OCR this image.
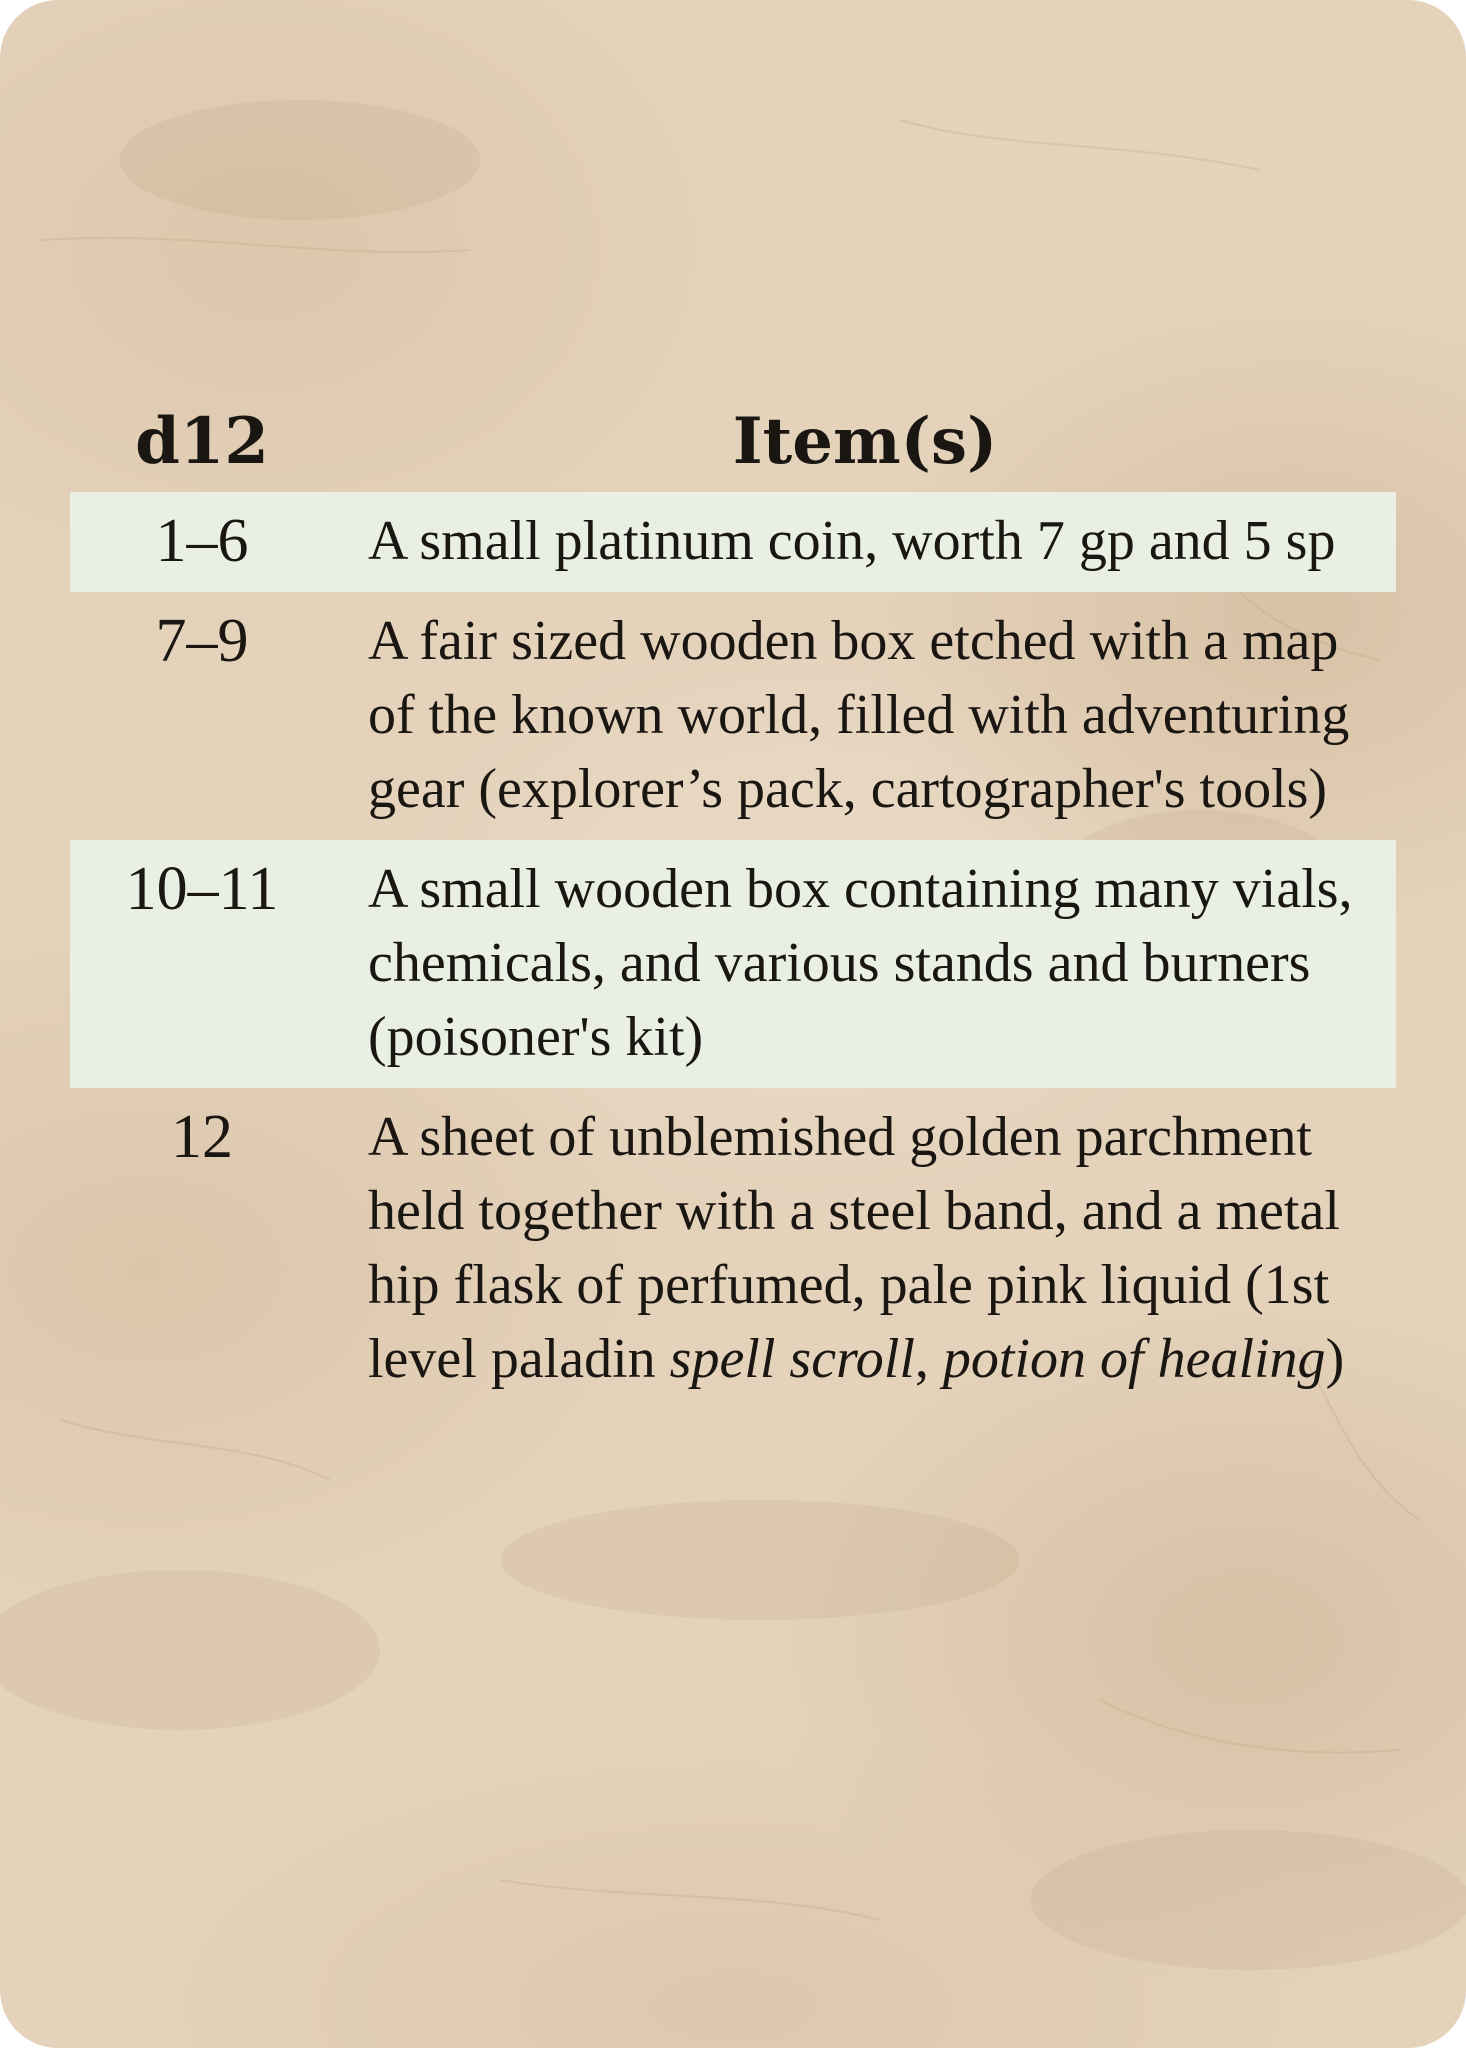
d12	Item(s)
1–6	A small platinum coin, worth 7 gp and 5 sp
7–9	A fair sized wooden box etched with a map of the known world, filled with adventuring gear (explorer’s pack, cartographer's tools)
10–11	A small wooden box containing many vials, chemicals, and various stands and burners (poisoner's kit)
12	A sheet of unblemished golden parchment held together with a steel band, and a metal hip flask of perfumed, pale pink liquid (1st level paladin spell scroll, potion of healing)
